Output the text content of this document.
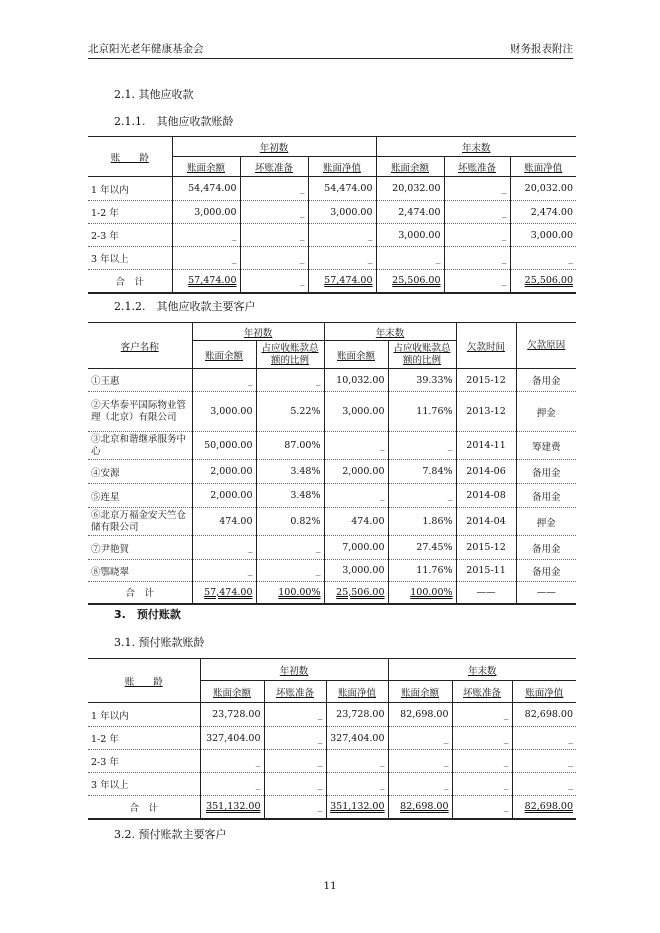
北京阳光老年健康基金会	财务报表附注
2.1. 其他应收款
2.1.1.　其他应收款账龄
账　　龄	年初数			年末数		
	账面余额	坏账准备	账面净值	账面余额	坏账准备	账面净值
1 年以内	54,474.00	_	54,474.00	20,032.00	_	20,032.00
1-2 年	3,000.00	_	3,000.00	2,474.00	_	2,474.00
2-3 年	_	_	_	3,000.00	_	3,000.00
3 年以上	_	_	_	_	_	_
合　计	57,474.00	_	57,474.00	25,506.00	_	25,506.00
2.1.2.　其他应收款主要客户
客户名称	年初数		年末数		欠款时间	欠款原因
	账面余额	占应收账款总额的比例	账面余额	占应收账款总额的比例		
①王惠	_	_	10,032.00	39.33%	2015-12	备用金
②天华泰平国际物业管理（北京）有限公司	3,000.00	5.22%	3,000.00	11.76%	2013-12	押金
③北京和谐继承服务中心	50,000.00	87.00%	_	_	2014-11	筹建费
④安源	2,000.00	3.48%	2,000.00	7.84%	2014-06	备用金
⑤连星	2,000.00	3.48%	_	_	2014-08	备用金
⑥北京万福金安天竺仓储有限公司	474.00	0.82%	474.00	1.86%	2014-04	押金
⑦尹艳賀	_	_	7,000.00	27.45%	2015-12	备用金
⑧鄂晓翠	_	_	3,000.00	11.76%	2015-11	备用金
合　计	57,474.00	100.00%	25,506.00	100.00%	——	——
3.　预付账款
3.1. 预付账款账龄
账　　龄	年初数			年末数		
	账面余额	坏账准备	账面净值	账面余额	坏账准备	账面净值
1 年以内	23,728.00	_	23,728.00	82,698.00	_	82,698.00
1-2 年	327,404.00	_	327,404.00	_	_	_
2-3 年	_	_	_	_	_	_
3 年以上	_	_	_	_	_	_
合　计	351,132.00	_	351,132.00	82,698.00	_	82,698.00
3.2. 预付账款主要客户
11
